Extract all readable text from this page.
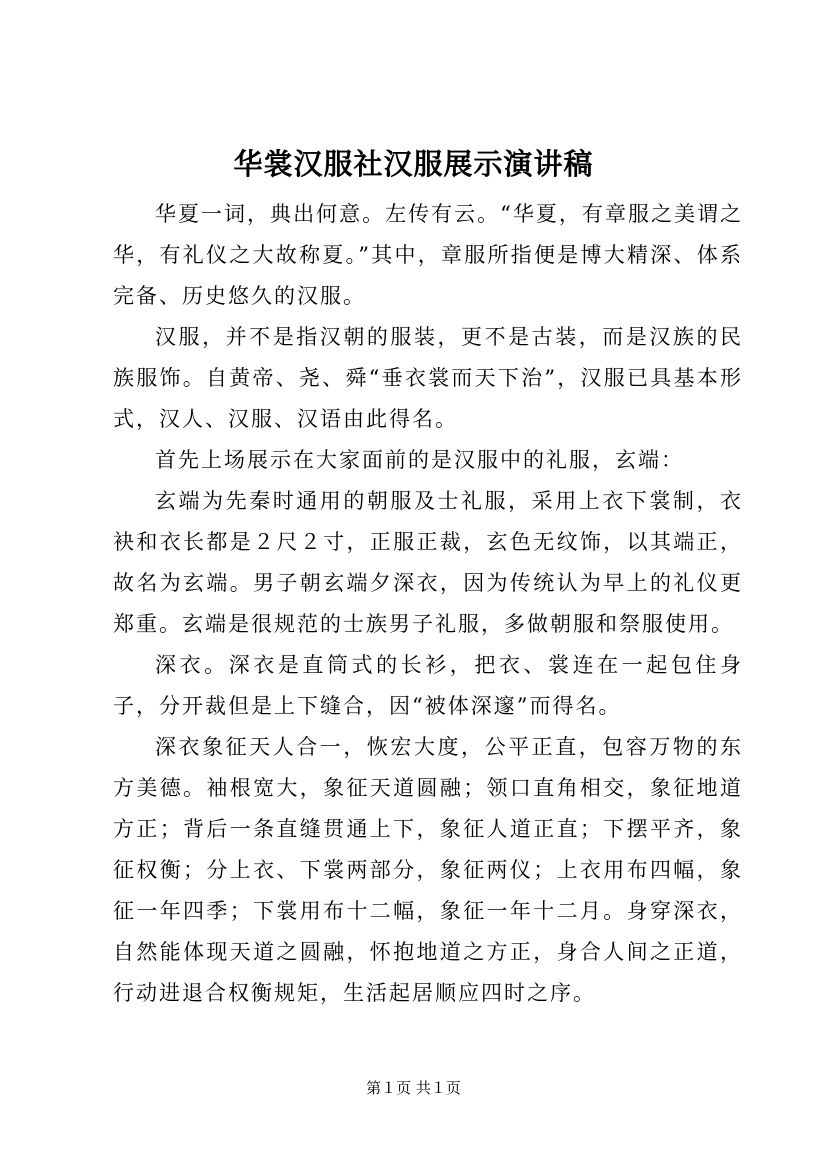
华裳汉服社汉服展示演讲稿

华夏一词，典出何意。左传有云。“华夏，有章服之美谓之华，有礼仪之大故称夏。”其中，章服所指便是博大精深、体系完备、历史悠久的汉服。

汉服，并不是指汉朝的服装，更不是古装，而是汉族的民族服饰。自黄帝、尧、舜“垂衣裳而天下治”，汉服已具基本形式，汉人、汉服、汉语由此得名。

首先上场展示在大家面前的是汉服中的礼服，玄端：

玄端为先秦时通用的朝服及士礼服，采用上衣下裳制，衣袂和衣长都是２尺２寸，正服正裁，玄色无纹饰，以其端正，故名为玄端。男子朝玄端夕深衣，因为传统认为早上的礼仪更郑重。玄端是很规范的士族男子礼服，多做朝服和祭服使用。

深衣。深衣是直筒式的长衫，把衣、裳连在一起包住身子，分开裁但是上下缝合，因“被体深邃”而得名。

深衣象征天人合一，恢宏大度，公平正直，包容万物的东方美德。袖根宽大，象征天道圆融；领口直角相交，象征地道方正；背后一条直缝贯通上下，象征人道正直；下摆平齐，象征权衡；分上衣、下裳两部分，象征两仪；上衣用布四幅，象征一年四季；下裳用布十二幅，象征一年十二月。身穿深衣，自然能体现天道之圆融，怀抱地道之方正，身合人间之正道，行动进退合权衡规矩，生活起居顺应四时之序。

第１页 共１页
